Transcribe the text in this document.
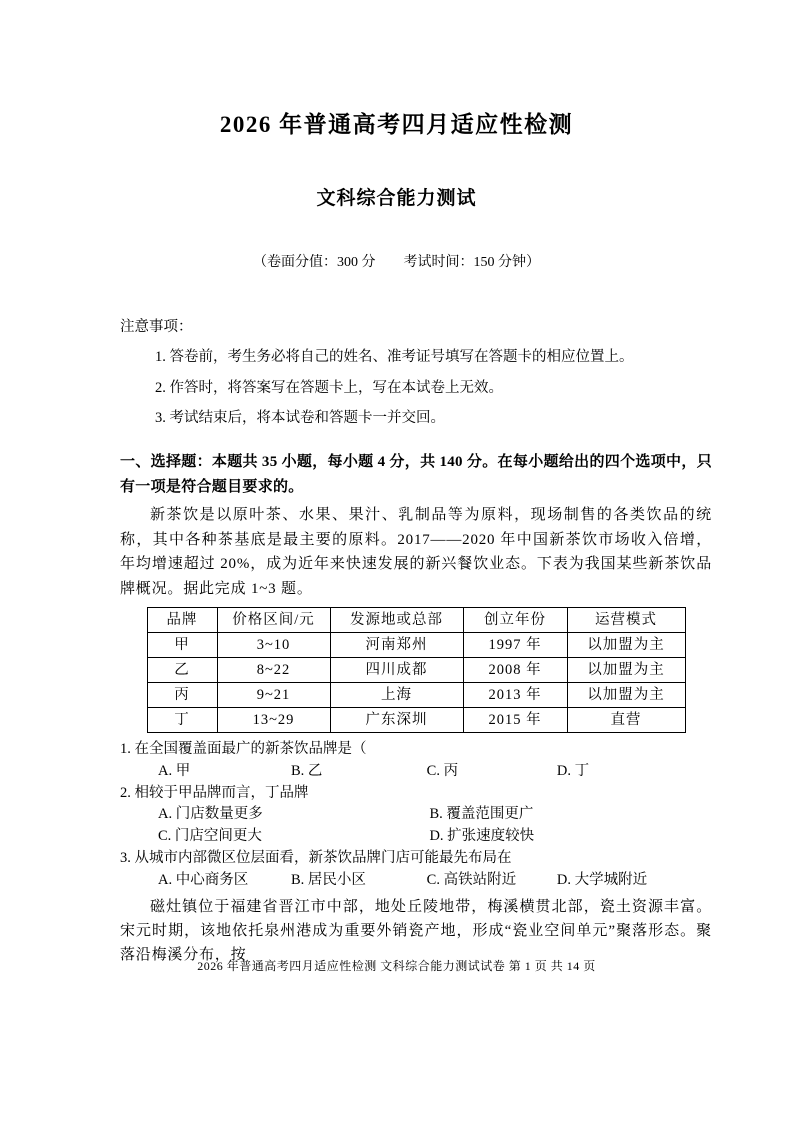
2026 年普通高考四月适应性检测
文科综合能力测试

（卷面分值：300 分　　考试时间：150 分钟）

注意事项：

1. 答卷前，考生务必将自己的姓名、准考证号填写在答题卡的相应位置上。

2. 作答时，将答案写在答题卡上，写在本试卷上无效。

3. 考试结束后，将本试卷和答题卡一并交回。

一、选择题：本题共 35 小题，每小题 4 分，共 140 分。在每小题给出的四个选项中，只有一项是符合题目要求的。

新茶饮是以原叶茶、水果、果汁、乳制品等为原料，现场制售的各类饮品的统称，其中各种茶基底是最主要的原料。2017——2020 年中国新茶饮市场收入倍增，年均增速超过 20%，成为近年来快速发展的新兴餐饮业态。下表为我国某些新茶饮品牌概况。据此完成 1~3 题。

品牌	价格区间/元	发源地或总部	创立年份	运营模式
甲	3~10	河南郑州	1997 年	以加盟为主
乙	8~22	四川成都	2008 年	以加盟为主
丙	9~21	上海	2013 年	以加盟为主
丁	13~29	广东深圳	2015 年	直营

1. 在全国覆盖面最广的新茶饮品牌是（

A. 甲	B. 乙	C. 丙	D. 丁

2. 相较于甲品牌而言，丁品牌

A. 门店数量更多	B. 覆盖范围更广
C. 门店空间更大	D. 扩张速度较快

3. 从城市内部微区位层面看，新茶饮品牌门店可能最先布局在

A. 中心商务区	B. 居民小区	C. 高铁站附近	D. 大学城附近

磁灶镇位于福建省晋江市中部，地处丘陵地带，梅溪横贯北部，瓷土资源丰富。宋元时期，该地依托泉州港成为重要外销瓷产地，形成“瓷业空间单元”聚落形态。聚落沿梅溪分布，按

2026 年普通高考四月适应性检测 文科综合能力测试试卷 第 1 页 共 14 页
